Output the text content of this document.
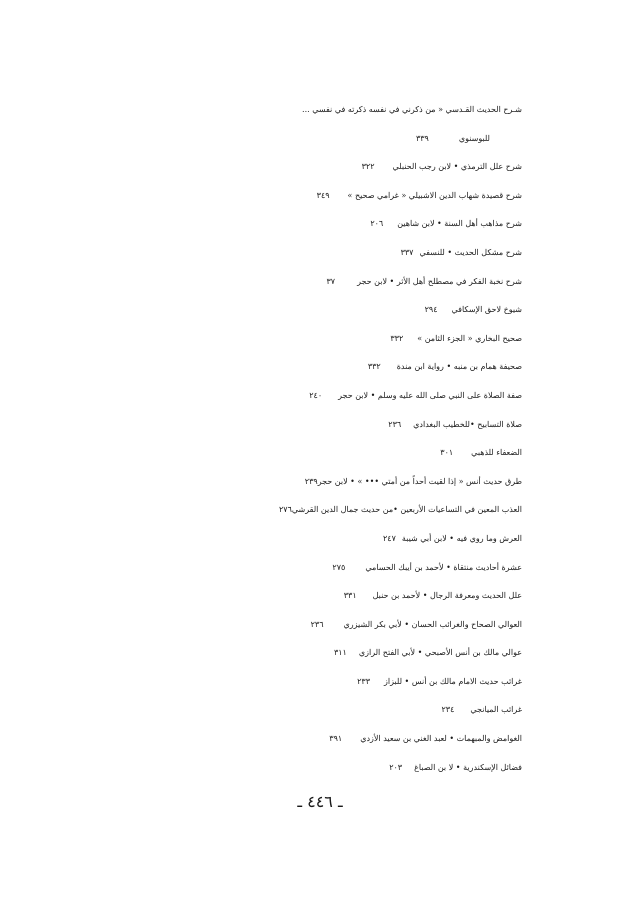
شـرح الحديث القـدسي « من ذكرني في نفسه ذكرته في نفسي ...
للبوسنوي٣٣٩
شرح علل الترمذي • لابن رجب الحنبلي٣٢٢
شرح قصيدة شهاب الدين الاشبيلي « غرامي صحيح »٣٤٩
شرح مذاهب أهل السنة • لابن شاهين٢٠٦
شرح مشكل الحديث • للنسفي٣٣٧
شرح نخبة الفكر في مصطلح أهل الأثر • لابن حجر٣٧
شيوخ لاحق الإسكافي٢٩٤
صحيح البخاري « الجزء الثامن »٣٣٢
صحيفة همام بن منبه • رواية ابن مندة٣٣٢
صفة الصلاة على النبي صلى الله عليه وسلم • لابن حجر٢٤٠
صلاة التسابيح •للخطيب البغدادي٢٣٦
الضعفاء للذهبي٣٠١
طرق حديث أنس « إذا لقيت أحداً من أمتي ••• » • لابن حجر٢٣٩
العذب المعين في التساعيات الأربعين •من حديث جمال الدين القرشي٢٧٦
العرش وما روي فيه • لابن أبي شيبة٢٤٧
عشرة أحاديث منتقاة • لأحمد بن أيبك الحسامي٢٧٥
علل الحديث ومعرفة الرجال • لأحمد بن حنبل٣٣١
العوالي الصحاح والغرائب الحسان • لأبي بكر الشيزري٢٣٦
عوالي مالك بن أنس الأصبحي • لأبي الفتح الرازي٣١١
غرائب حديث الامام مالك بن أنس • للبزاز٢٣٣
غرائب الميانجي٢٣٤
الغوامض والمبهمات • لعبد الغني بن سعيد الأزدي٣٩١
فضائل الإسكندرية • لا بن الصباغ٢٠٣
ـ ٤٤٦ ـ
